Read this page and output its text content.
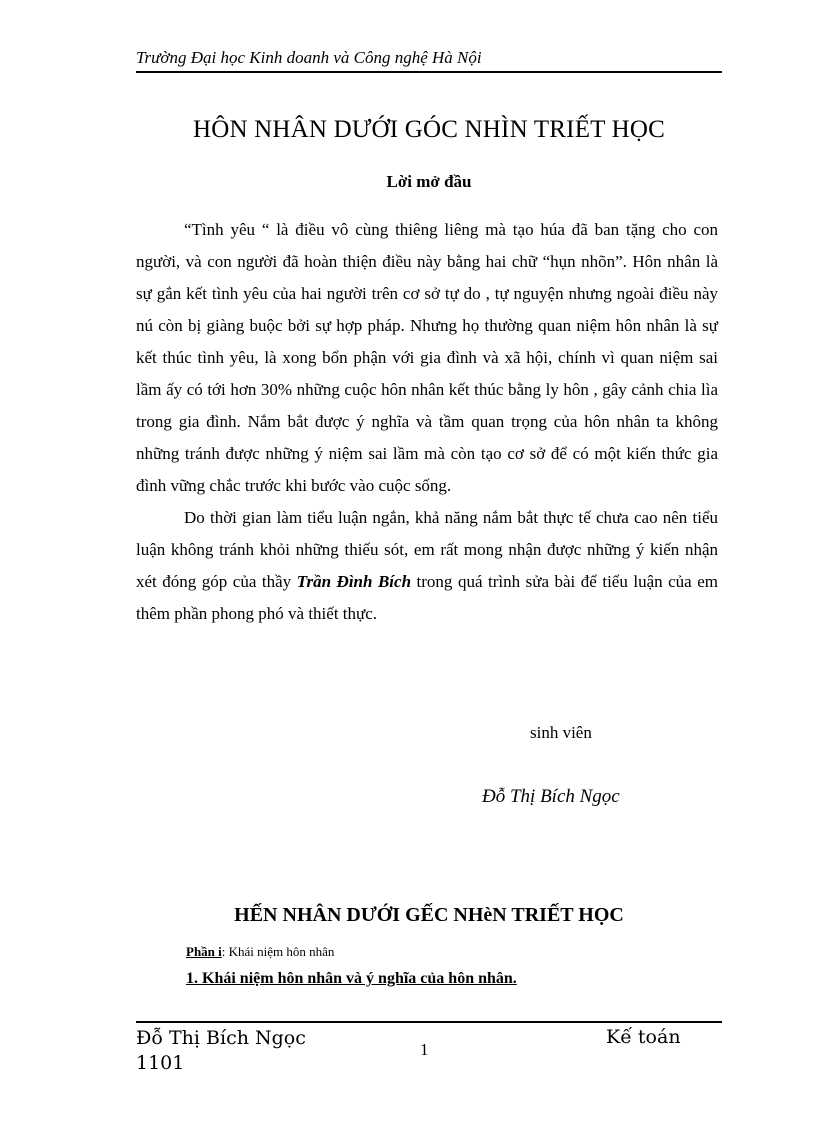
Trường Đại học Kinh doanh và Công nghệ Hà Nội
HÔN NHÂN DƯỚI GÓC NHÌN TRIẾT HỌC
Lời mở đầu

“Tình yêu “ là điều vô cùng thiêng liêng mà tạo húa đã ban tặng cho con người, và con người đã hoàn thiện điều này bằng hai chữ “hụn nhõn”. Hôn nhân là sự gắn kết tình yêu của hai người trên cơ sở tự do , tự nguyện nhưng ngoài điều này nú còn bị giàng buộc bởi sự hợp pháp. Nhưng họ thường quan niệm hôn nhân là sự kết thúc tình yêu, là xong bổn phận với gia đình và xã hội, chính vì quan niệm sai lầm ấy có tới hơn 30% những cuộc hôn nhân kết thúc bằng ly hôn , gây cảnh chia lìa trong gia đình. Nắm bắt được ý nghĩa và tầm quan trọng của hôn nhân ta không những tránh được những ý niệm sai lầm mà còn tạo cơ sở để có một kiến thức gia đình vững chắc trước khi bước vào cuộc sống.

Do thời gian làm tiểu luận ngắn, khả năng nắm bắt thực tế chưa cao nên tiểu luận không tránh khỏi những thiếu sót, em rất mong nhận được những ý kiến nhận xét đóng góp của thầy Trần Đình Bích trong quá trình sửa bài để tiểu luận của em thêm phần phong phó và thiết thực.

sinh viên
Đỗ Thị Bích Ngọc
HẾN NHÂN DƯỚI GẾC NHèN TRIẾT HỌC
Phần i: Khái niệm hôn nhân
1. Khái niệm hôn nhân và ý nghĩa của hôn nhân.
Đỗ Thị Bích Ngọc
1101
1
Kế toán
